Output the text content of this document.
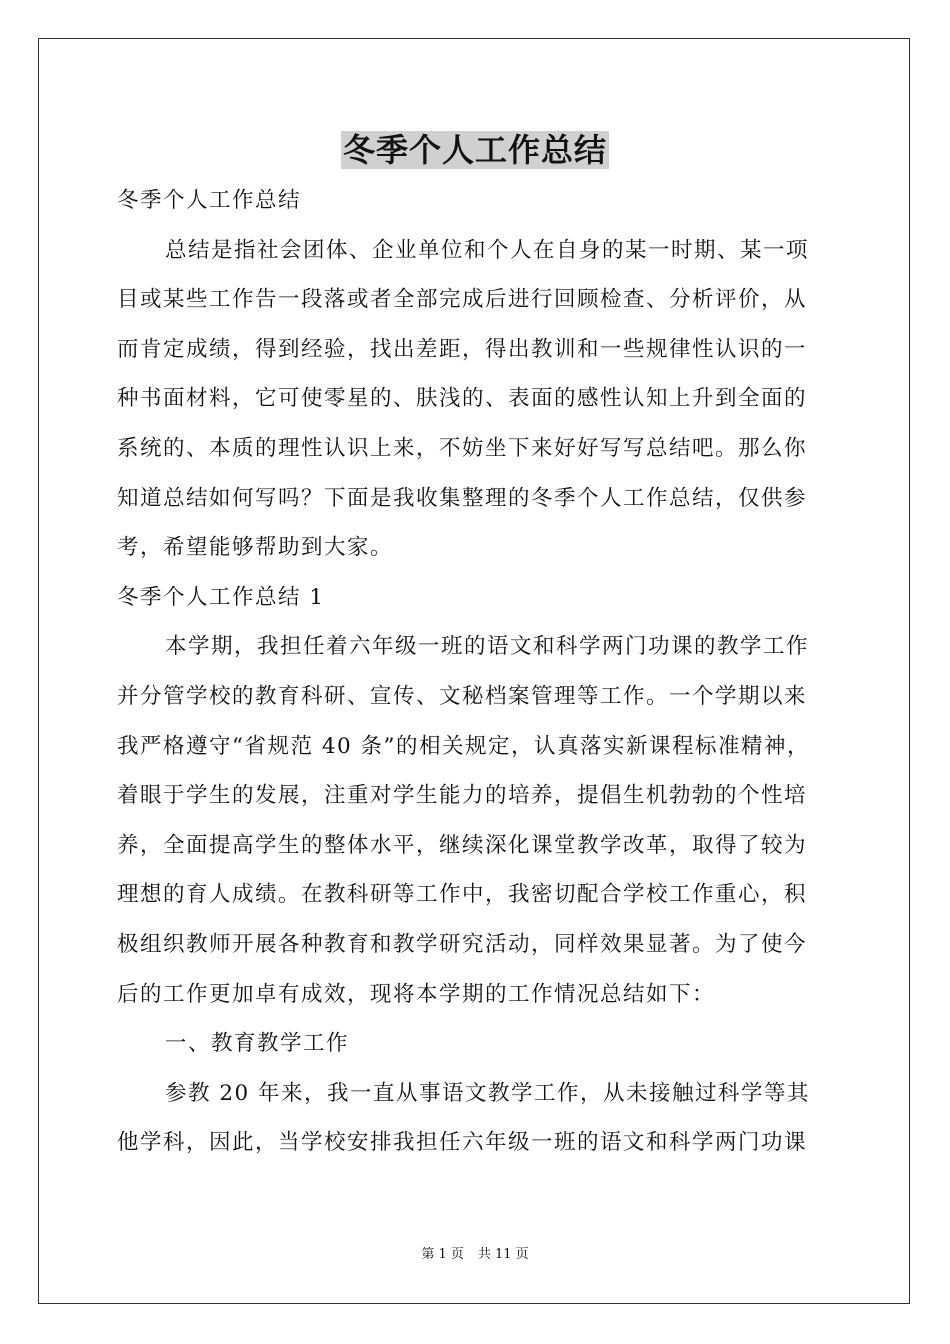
冬季个人工作总结
冬季个人工作总结
总结是指社会团体、企业单位和个人在自身的某一时期、某一项
目或某些工作告一段落或者全部完成后进行回顾检查、分析评价，从
而肯定成绩，得到经验，找出差距，得出教训和一些规律性认识的一
种书面材料，它可使零星的、肤浅的、表面的感性认知上升到全面的
系统的、本质的理性认识上来，不妨坐下来好好写写总结吧。那么你
知道总结如何写吗？下面是我收集整理的冬季个人工作总结，仅供参
考，希望能够帮助到大家。
冬季个人工作总结 1
本学期，我担任着六年级一班的语文和科学两门功课的教学工作
并分管学校的教育科研、宣传、文秘档案管理等工作。一个学期以来
我严格遵守“省规范 40 条”的相关规定，认真落实新课程标准精神，
着眼于学生的发展，注重对学生能力的培养，提倡生机勃勃的个性培
养，全面提高学生的整体水平，继续深化课堂教学改革，取得了较为
理想的育人成绩。在教科研等工作中，我密切配合学校工作重心，积
极组织教师开展各种教育和教学研究活动，同样效果显著。为了使今
后的工作更加卓有成效，现将本学期的工作情况总结如下：
一、教育教学工作
参教 20 年来，我一直从事语文教学工作，从未接触过科学等其
他学科，因此，当学校安排我担任六年级一班的语文和科学两门功课
第 1 页 共 11 页
